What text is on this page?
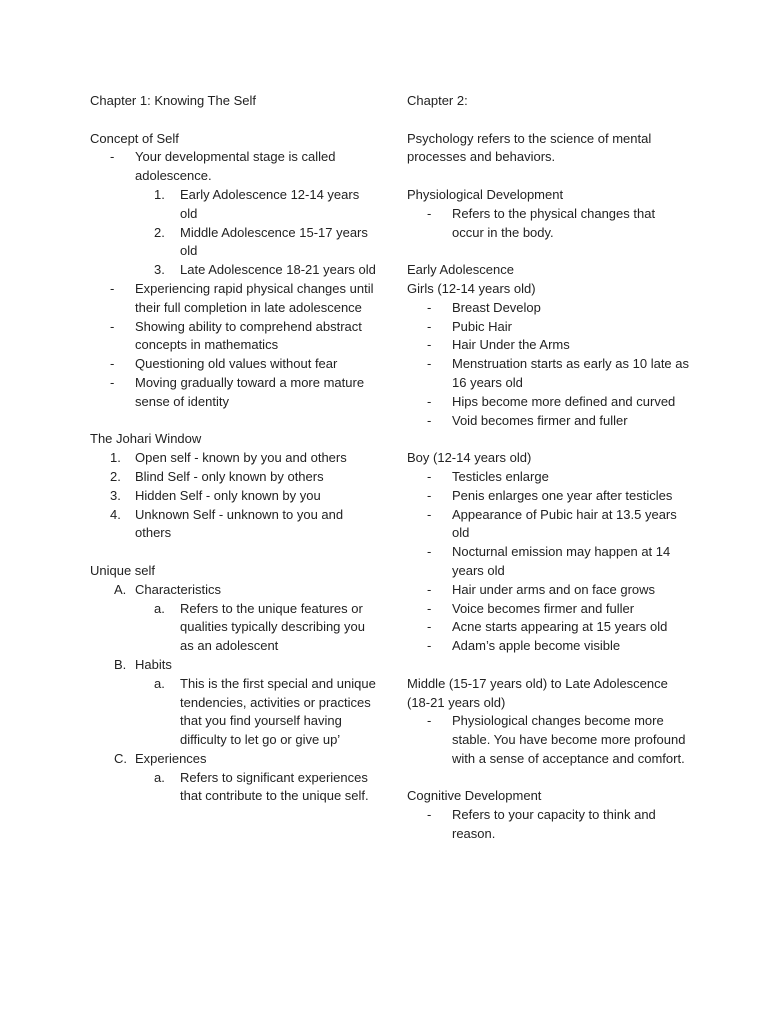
Chapter 1: Knowing The Self
Concept of Self
-	Your developmental stage is called adolescence.
1.	Early Adolescence 12-14 years old
2.	Middle Adolescence 15-17 years old
3.	Late Adolescence 18-21 years old
-	Experiencing rapid physical changes until their full completion in late adolescence
-	Showing ability to comprehend abstract concepts in mathematics
-	Questioning old values without fear
-	Moving gradually toward a more mature sense of identity
The Johari Window
1.	Open self - known by you and others
2.	Blind Self - only known by others
3.	Hidden Self - only known by you
4.	Unknown Self - unknown to you and others
Unique self
A. Characteristics
a.	Refers to the unique features or qualities typically describing you as an adolescent
B. Habits
a.	This is the first special and unique tendencies, activities or practices that you find yourself having difficulty to let go or give up’
C. Experiences
a.	Refers to significant experiences that contribute to the unique self.
Chapter 2:
Psychology refers to the science of mental processes and behaviors.
Physiological Development
-	Refers to the physical changes that occur in the body.
Early Adolescence
Girls (12-14 years old)
-	Breast Develop
-	Pubic Hair
-	Hair Under the Arms
-	Menstruation starts as early as 10 late as 16 years old
-	Hips become more defined and curved
-	Void becomes firmer and fuller
Boy (12-14 years old)
-	Testicles enlarge
-	Penis enlarges one year after testicles
-	Appearance of Pubic hair at 13.5 years old
-	Nocturnal emission may happen at 14 years old
-	Hair under arms and on face grows
-	Voice becomes firmer and fuller
-	Acne starts appearing at 15 years old
-	Adam’s apple become visible
Middle (15-17 years old) to Late Adolescence (18-21 years old)
-	Physiological changes become more stable. You have become more profound with a sense of acceptance and comfort.
Cognitive Development
-	Refers to your capacity to think and reason.
